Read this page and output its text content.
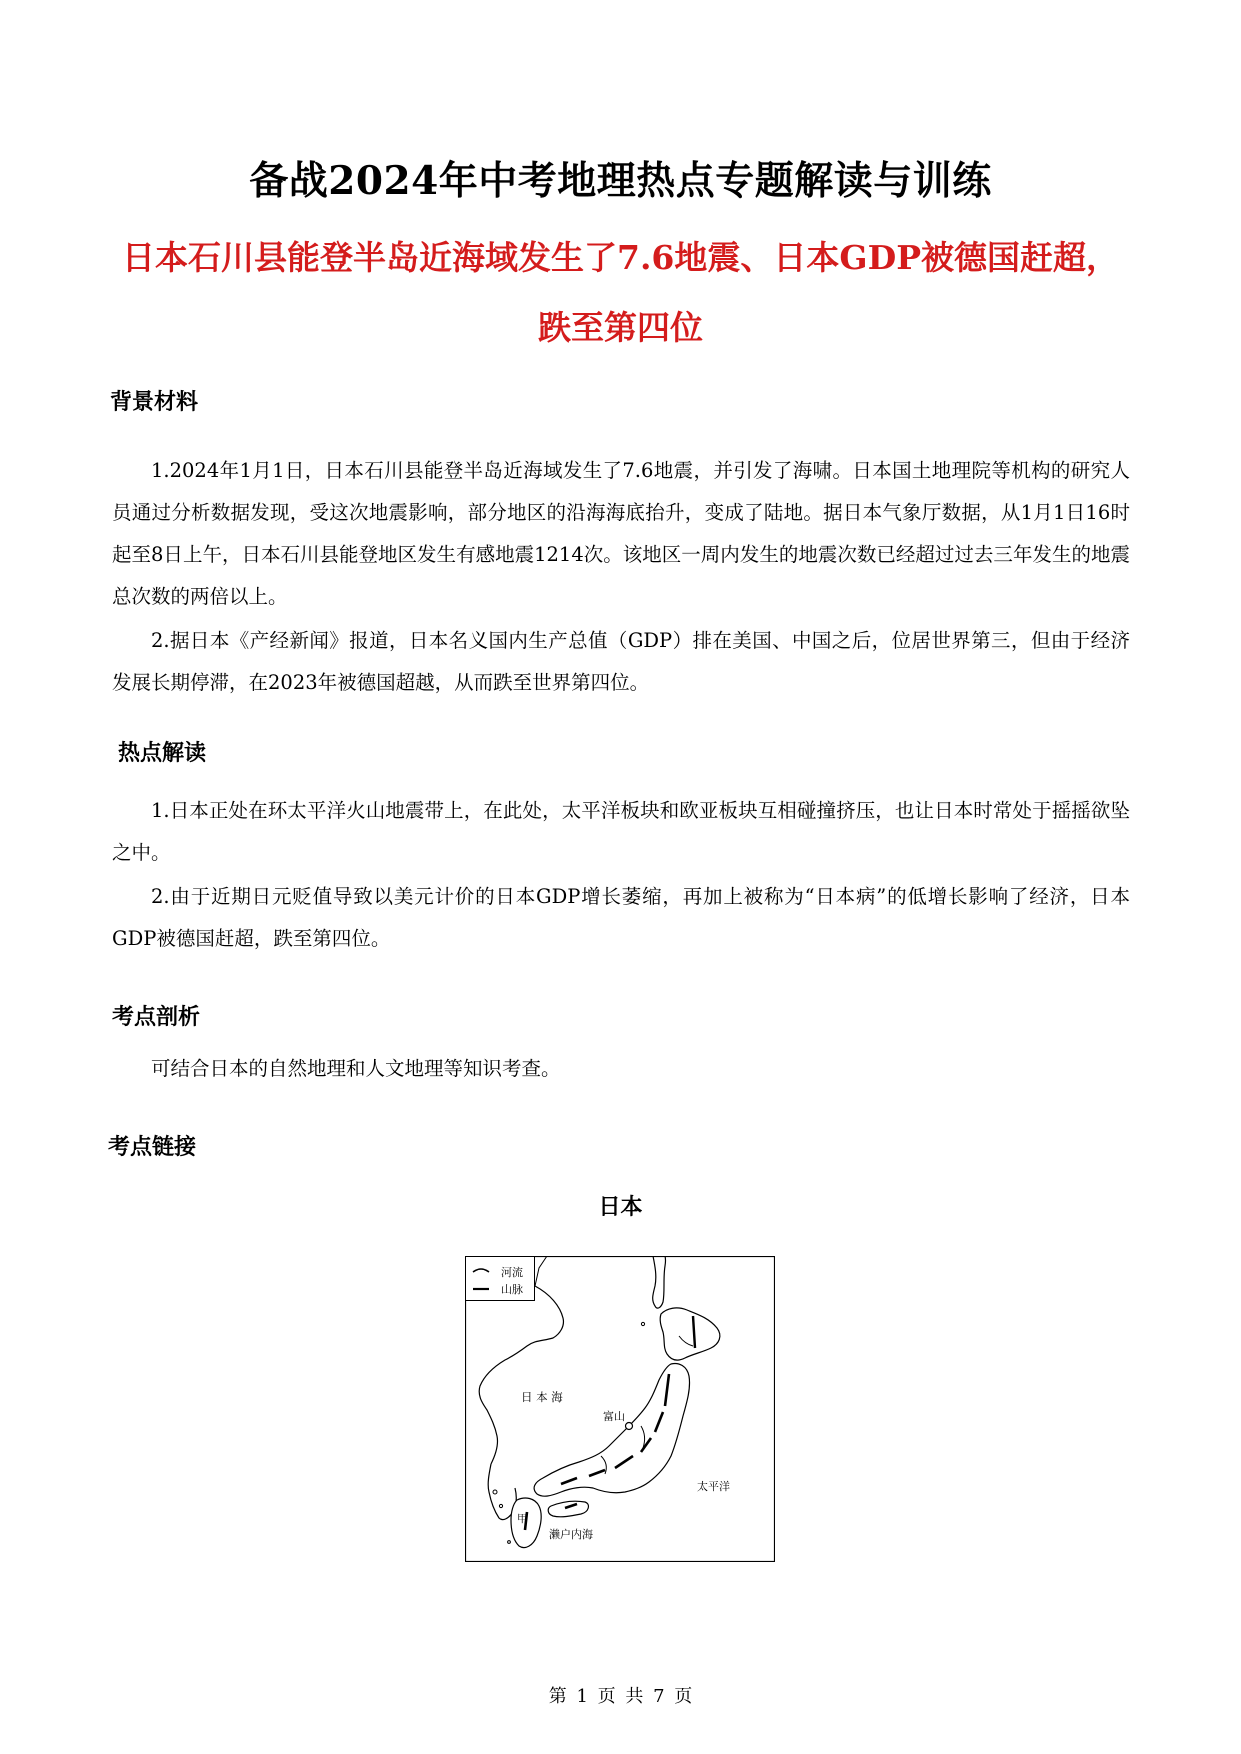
备战2024年中考地理热点专题解读与训练
日本石川县能登半岛近海域发生了7.6地震、日本GDP被德国赶超，
跌至第四位
背景材料
1.2024年1月1日，日本石川县能登半岛近海域发生了7.6地震，并引发了海啸。日本国土地理院等机构的研究人员通过分析数据发现，受这次地震影响，部分地区的沿海海底抬升，变成了陆地。据日本气象厅数据，从1月1日16时起至8日上午，日本石川县能登地区发生有感地震1214次。该地区一周内发生的地震次数已经超过过去三年发生的地震总次数的两倍以上。
2.据日本《产经新闻》报道，日本名义国内生产总值（GDP）排在美国、中国之后，位居世界第三，但由于经济发展长期停滞，在2023年被德国超越，从而跌至世界第四位。
热点解读
1.日本正处在环太平洋火山地震带上，在此处，太平洋板块和欧亚板块互相碰撞挤压，也让日本时常处于摇摇欲坠之中。
2.由于近期日元贬值导致以美元计价的日本GDP增长萎缩，再加上被称为“日本病”的低增长影响了经济，日本GDP被德国赶超，跌至第四位。
考点剖析
可结合日本的自然地理和人文地理等知识考查。
考点链接
日本
河流
山脉
日 本 海
富山
太平洋
濑户内海
甲
第 1 页 共 7 页
